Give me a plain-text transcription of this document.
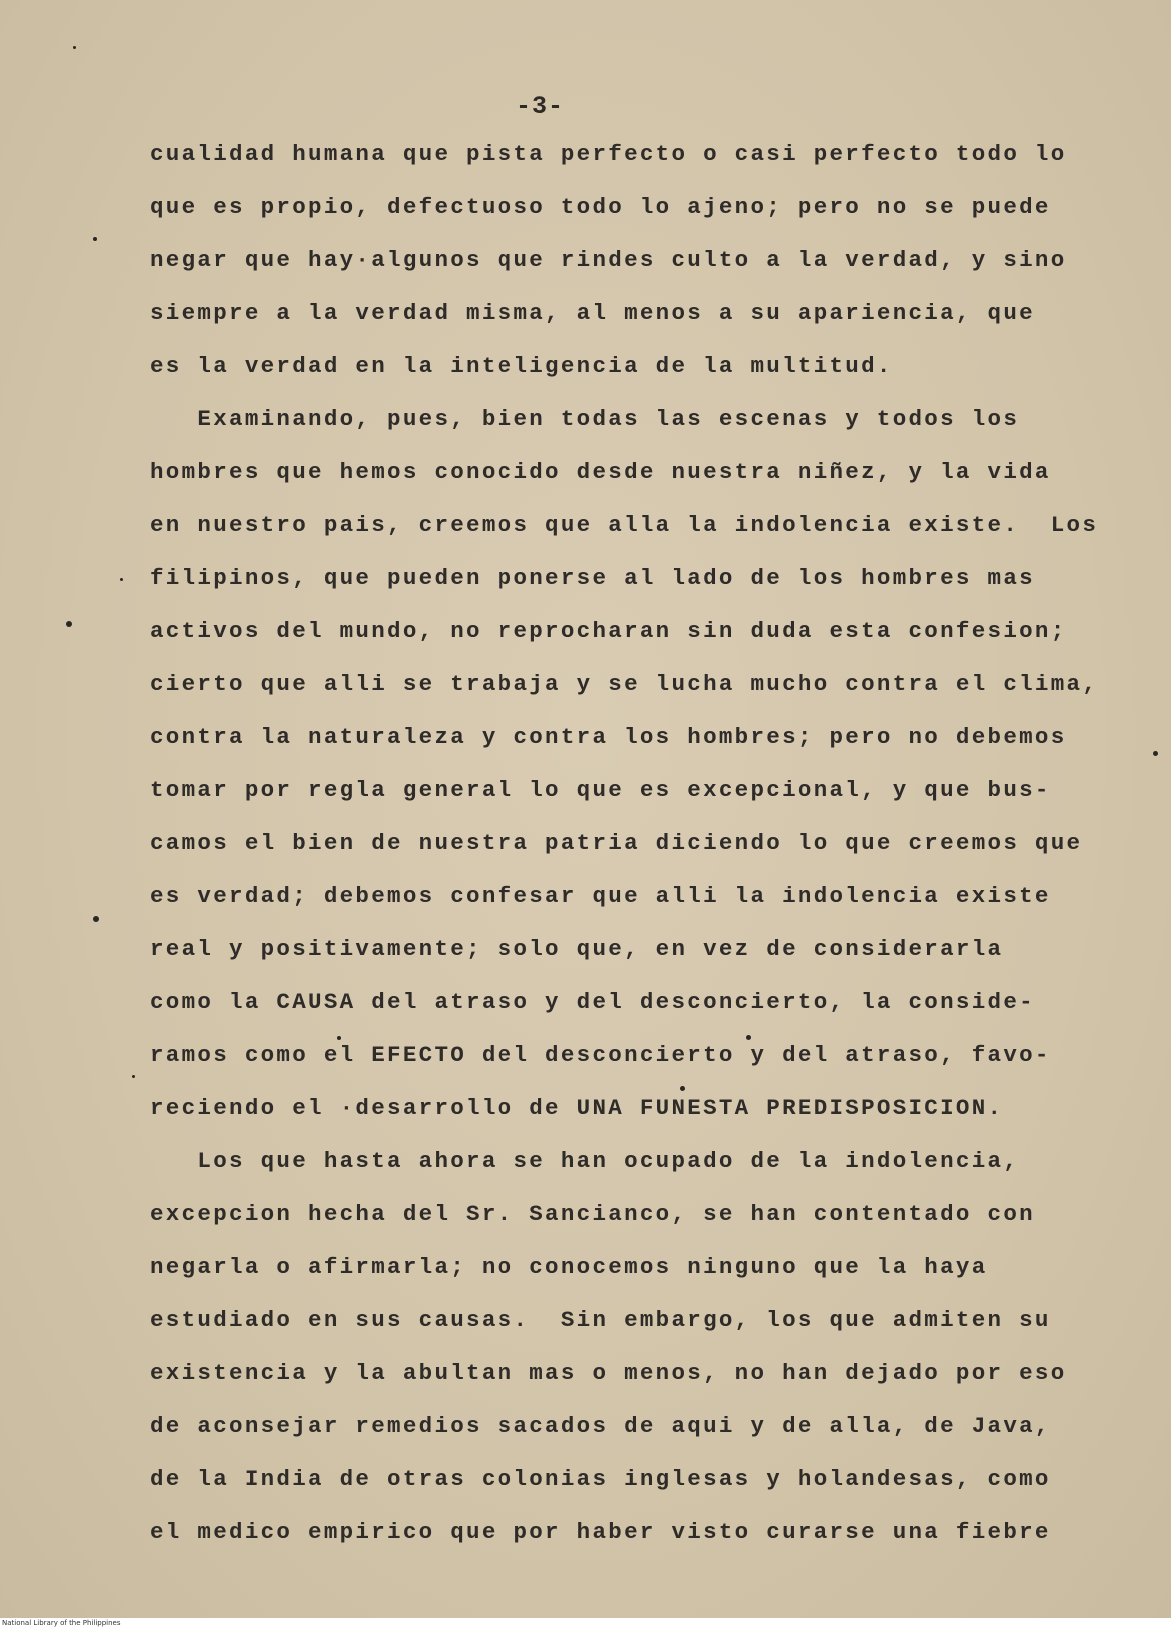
-3-
cualidad humana que pista perfecto o casi perfecto todo lo
que es propio, defectuoso todo lo ajeno; pero no se puede
negar que hay·algunos que rindes culto a la verdad, y sino
siempre a la verdad misma, al menos a su apariencia, que
es la verdad en la inteligencia de la multitud.
Examinando, pues, bien todas las escenas y todos los
hombres que hemos conocido desde nuestra niñez, y la vida
en nuestro pais, creemos que alla la indolencia existe.  Los
filipinos, que pueden ponerse al lado de los hombres mas
activos del mundo, no reprocharan sin duda esta confesion;
cierto que alli se trabaja y se lucha mucho contra el clima,
contra la naturaleza y contra los hombres; pero no debemos
tomar por regla general lo que es excepcional, y que bus-
camos el bien de nuestra patria diciendo lo que creemos que
es verdad; debemos confesar que alli la indolencia existe
real y positivamente; solo que, en vez de considerarla
como la CAUSA del atraso y del desconcierto, la conside-
ramos como el EFECTO del desconcierto y del atraso, favo-
reciendo el ·desarrollo de UNA FUNESTA PREDISPOSICION.
Los que hasta ahora se han ocupado de la indolencia,
excepcion hecha del Sr. Sancianco, se han contentado con
negarla o afirmarla; no conocemos ninguno que la haya
estudiado en sus causas.  Sin embargo, los que admiten su
existencia y la abultan mas o menos, no han dejado por eso
de aconsejar remedios sacados de aqui y de alla, de Java,
de la India de otras colonias inglesas y holandesas, como
el medico empirico que por haber visto curarse una fiebre
National Library of the Philippines
